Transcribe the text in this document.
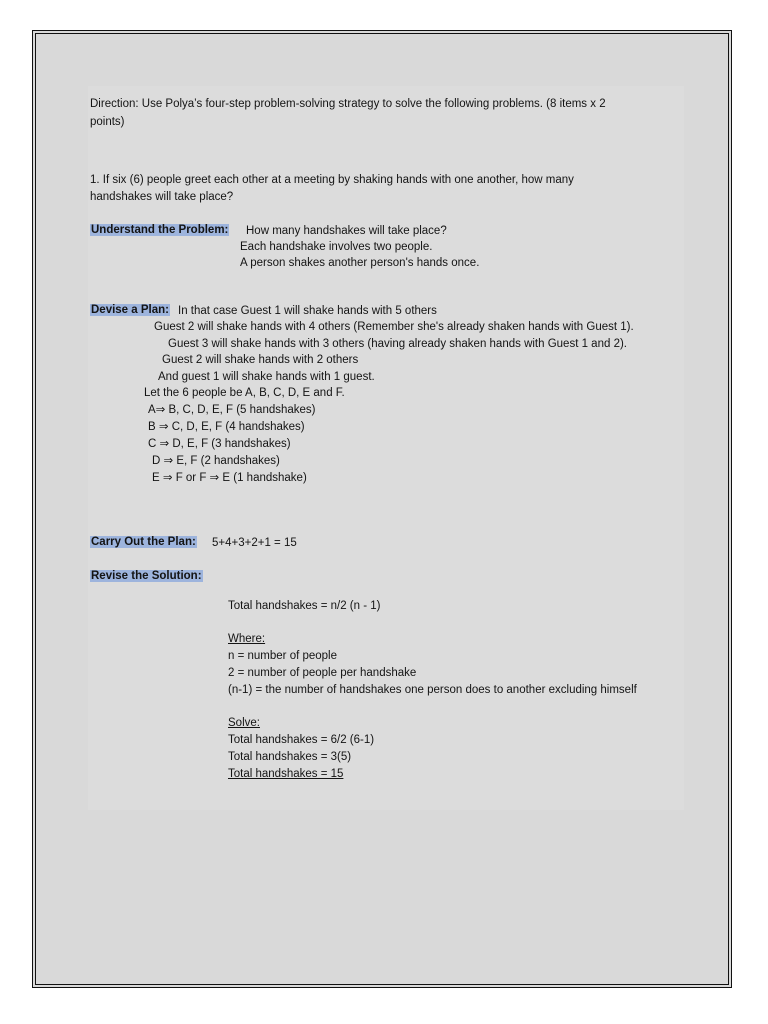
Direction: Use Polya’s four-step problem-solving strategy to solve the following problems. (8 items x 2
points)
1. If six (6) people greet each other at a meeting by shaking hands with one another, how many
handshakes will take place?
Understand the Problem: How many handshakes will take place?
Each handshake involves two people.
A person shakes another person's hands once.
Devise a Plan: In that case Guest 1 will shake hands with 5 others
Guest 2 will shake hands with 4 others (Remember she's already shaken hands with Guest 1).
Guest 3 will shake hands with 3 others (having already shaken hands with Guest 1 and 2).
Guest 2 will shake hands with 2 others
And guest 1 will shake hands with 1 guest.
Let the 6 people be A, B, C, D, E and F.
A⇒ B, C, D, E, F (5 handshakes)
B ⇒ C, D, E, F (4 handshakes)
C ⇒ D, E, F (3 handshakes)
D ⇒ E, F (2 handshakes)
E ⇒ F or F ⇒ E (1 handshake)
Carry Out the Plan: 5+4+3+2+1 = 15
Revise the Solution:
Total handshakes = n/2 (n - 1)
Where:
n = number of people
2 = number of people per handshake
(n-1) = the number of handshakes one person does to another excluding himself
Solve:
Total handshakes = 6/2 (6-1)
Total handshakes = 3(5)
Total handshakes = 15
